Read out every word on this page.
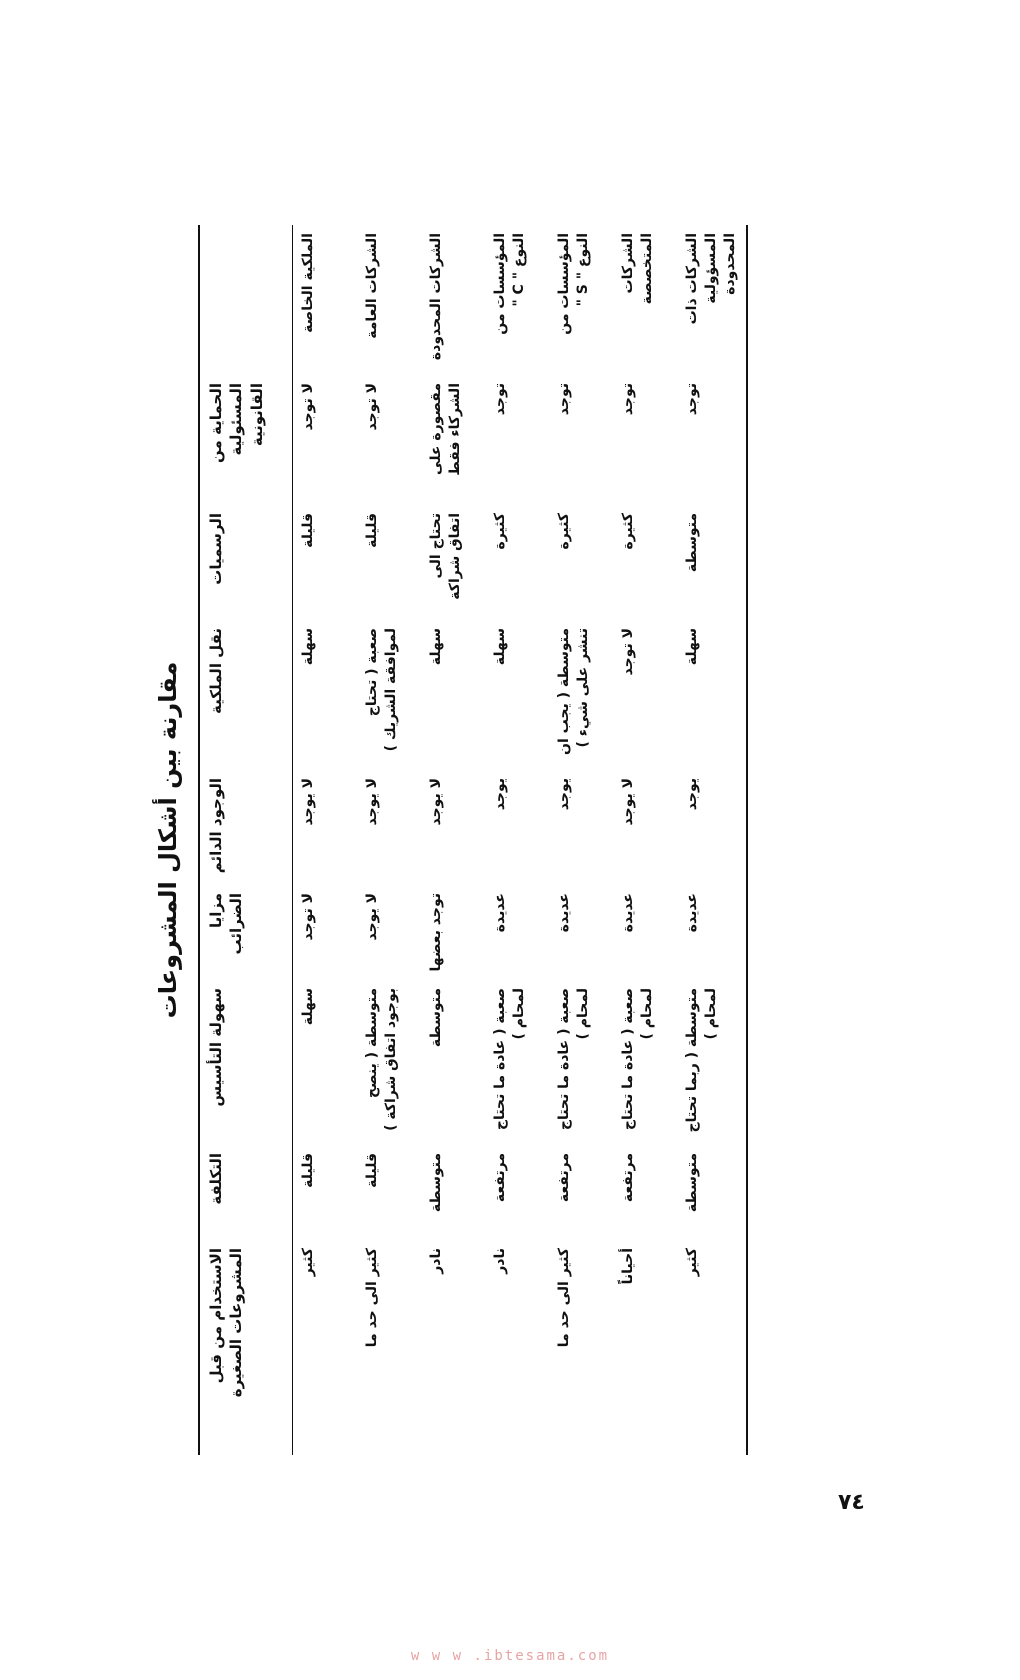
مقارنة بين أشكال المشروعات
	الحماية من المسئولية القانونية	الرسميات	نقل الملكية	الوجود الدائم	مزايا الضرائب	سهولة التأسيس	التكلفة	الاستخدام من قبل المشروعات الصغيرة
الملكية الخاصة	لا توجد	قليلة	سهلة	لا يوجد	لا توجد	سهلة	قليلة	كثير
الشركات العامة	لا توجد	قليلة	صعبة ( تحتاج لموافقة الشريك )	لا يوجد	لا يوجد	متوسطة ( ينصح بوجود اتفاق شراكة )	قليلة	كثير الى حد ما
الشركات المحدودة	مقصورة على الشركاء فقط	تحتاج الى اتفاق شراكة	سهلة	لا يوجد	توجد بعضها	متوسطة	متوسطة	نادر
المؤسسات من النوع " C "	توجد	كثيرة	سهلة	يوجد	عديدة	صعبة ( عادة ما تحتاج لمحام )	مرتفعة	نادر
المؤسسات من النوع " S "	توجد	كثيرة	متوسطة ( يجب ان تنشر على شيء )	يوجد	عديدة	صعبة ( عادة ما تحتاج لمحام )	مرتفعة	كثير الى حد ما
الشركات المتخصصة	توجد	كثيرة	لا توجد	لا يوجد	عديدة	صعبة ( عادة ما تحتاج لمحام )	مرتفعة	أحياناً
الشركات ذات المسؤولية المحدودة	توجد	متوسطة	سهلة	يوجد	عديدة	متوسطة ( ربما تحتاج لمحام )	متوسطة	كثير
٧٤
w w w .ibtesama.com
